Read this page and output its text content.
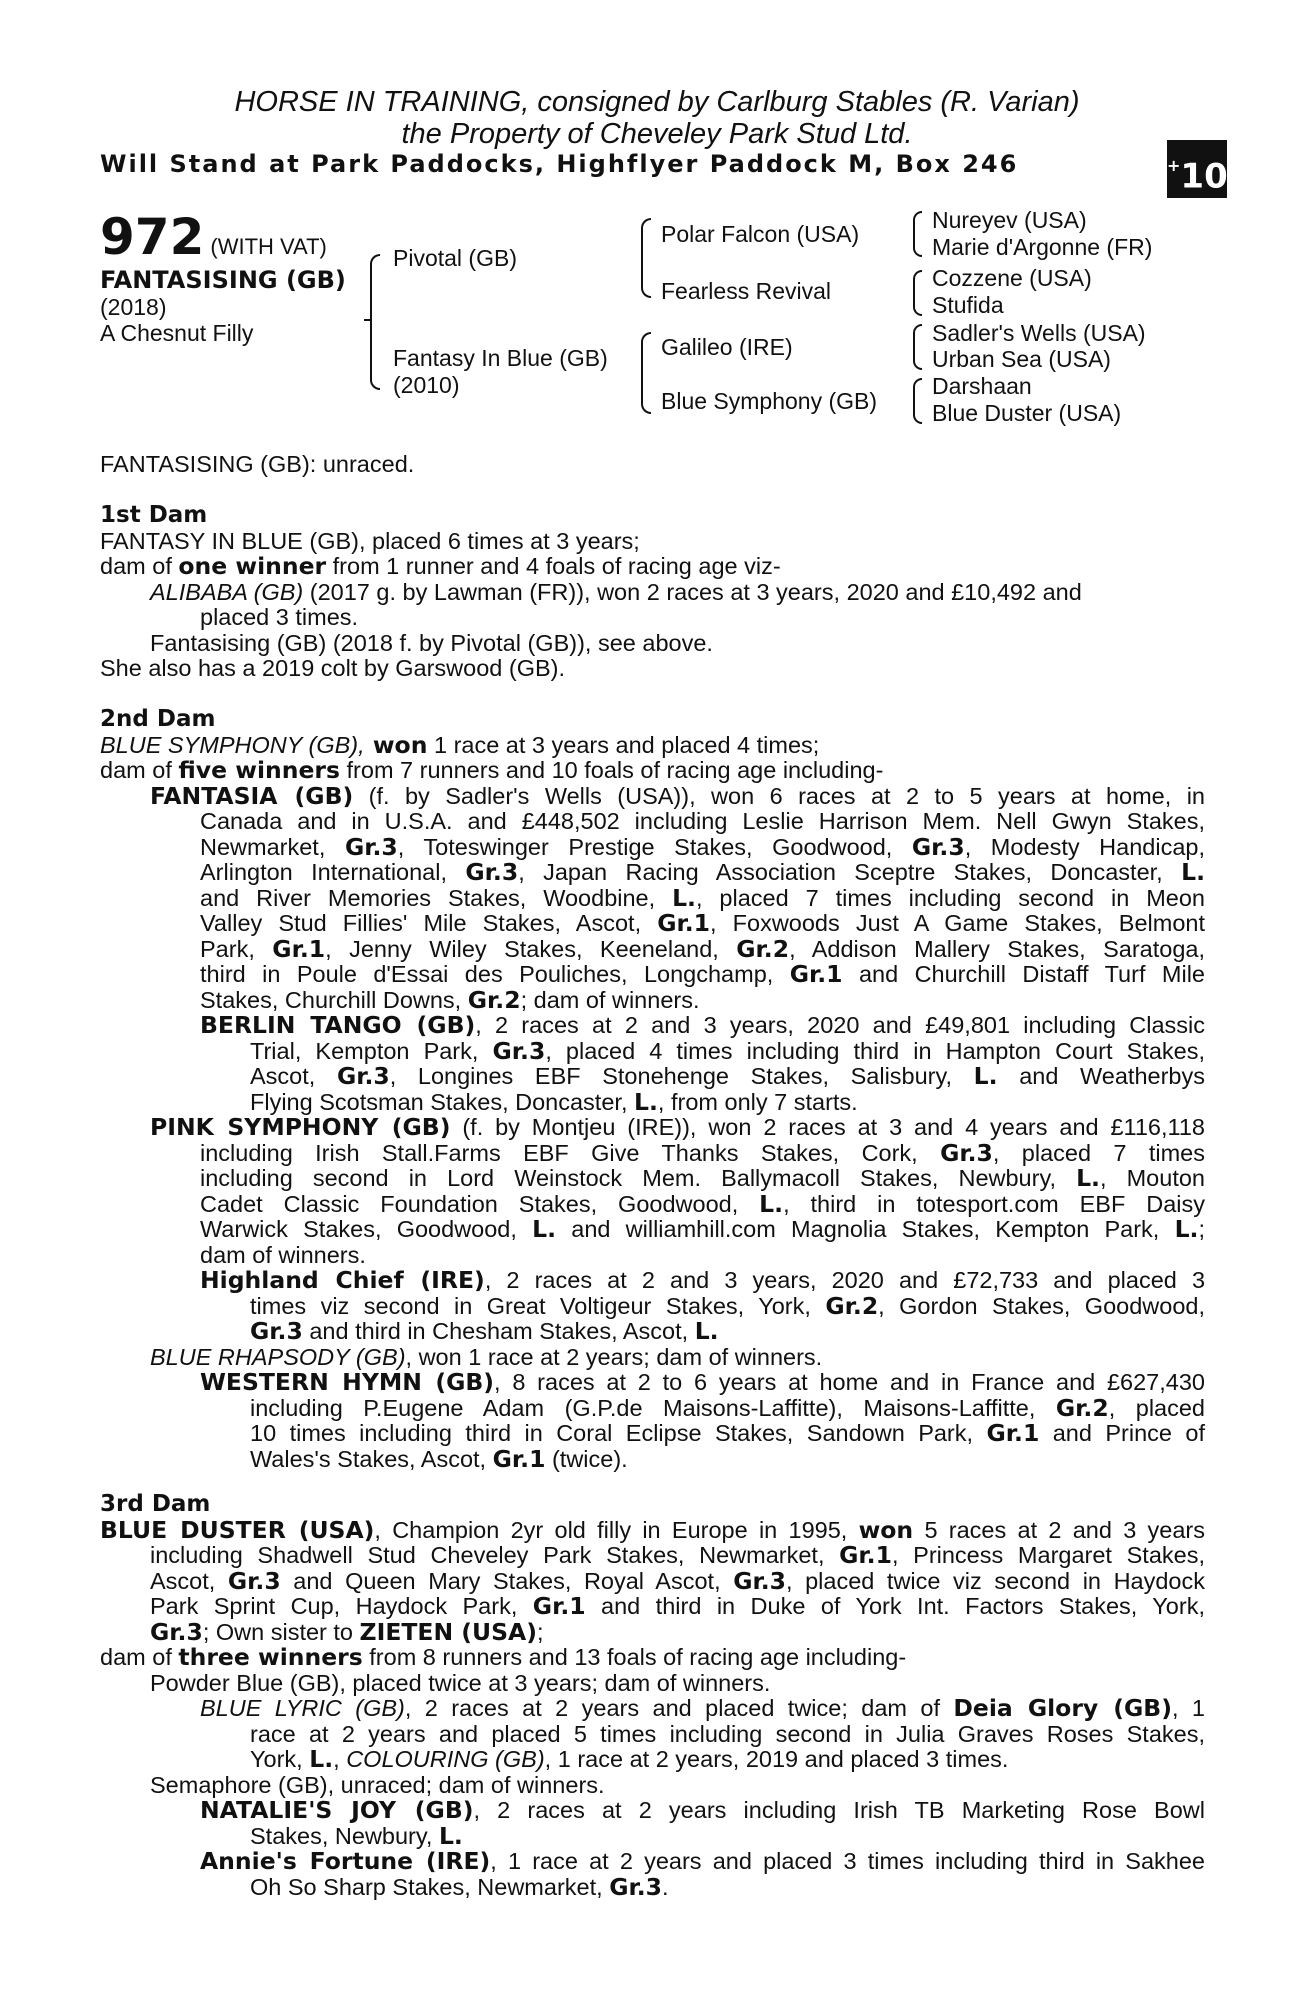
HORSE IN TRAINING, consigned by Carlburg Stables (R. Varian)
the Property of Cheveley Park Stud Ltd.
Will Stand at Park Paddocks, Highflyer Paddock M, Box 246	+10
972 (WITH VAT)
FANTASISING (GB)
(2018)
A Chesnut Filly
Pivotal (GB)
Fantasy In Blue (GB)
(2010)
Polar Falcon (USA)
Fearless Revival
Galileo (IRE)
Blue Symphony (GB)
Nureyev (USA)
Marie d'Argonne (FR)
Cozzene (USA)
Stufida
Sadler's Wells (USA)
Urban Sea (USA)
Darshaan
Blue Duster (USA)
FANTASISING (GB): unraced.
1st Dam
FANTASY IN BLUE (GB), placed 6 times at 3 years;
dam of one winner from 1 runner and 4 foals of racing age viz-
ALIBABA (GB) (2017 g. by Lawman (FR)), won 2 races at 3 years, 2020 and £10,492 and
placed 3 times.
Fantasising (GB) (2018 f. by Pivotal (GB)), see above.
She also has a 2019 colt by Garswood (GB).
2nd Dam
BLUE SYMPHONY (GB), won 1 race at 3 years and placed 4 times;
dam of five winners from 7 runners and 10 foals of racing age including-
FANTASIA (GB) (f. by Sadler's Wells (USA)), won 6 races at 2 to 5 years at home, in
Canada and in U.S.A. and £448,502 including Leslie Harrison Mem. Nell Gwyn Stakes,
Newmarket, Gr.3, Toteswinger Prestige Stakes, Goodwood, Gr.3, Modesty Handicap,
Arlington International, Gr.3, Japan Racing Association Sceptre Stakes, Doncaster, L.
and River Memories Stakes, Woodbine, L., placed 7 times including second in Meon
Valley Stud Fillies' Mile Stakes, Ascot, Gr.1, Foxwoods Just A Game Stakes, Belmont
Park, Gr.1, Jenny Wiley Stakes, Keeneland, Gr.2, Addison Mallery Stakes, Saratoga,
third in Poule d'Essai des Pouliches, Longchamp, Gr.1 and Churchill Distaff Turf Mile
Stakes, Churchill Downs, Gr.2; dam of winners.
BERLIN TANGO (GB), 2 races at 2 and 3 years, 2020 and £49,801 including Classic
Trial, Kempton Park, Gr.3, placed 4 times including third in Hampton Court Stakes,
Ascot, Gr.3, Longines EBF Stonehenge Stakes, Salisbury, L. and Weatherbys
Flying Scotsman Stakes, Doncaster, L., from only 7 starts.
PINK SYMPHONY (GB) (f. by Montjeu (IRE)), won 2 races at 3 and 4 years and £116,118
including Irish Stall.Farms EBF Give Thanks Stakes, Cork, Gr.3, placed 7 times
including second in Lord Weinstock Mem. Ballymacoll Stakes, Newbury, L., Mouton
Cadet Classic Foundation Stakes, Goodwood, L., third in totesport.com EBF Daisy
Warwick Stakes, Goodwood, L. and williamhill.com Magnolia Stakes, Kempton Park, L.;
dam of winners.
Highland Chief (IRE), 2 races at 2 and 3 years, 2020 and £72,733 and placed 3
times viz second in Great Voltigeur Stakes, York, Gr.2, Gordon Stakes, Goodwood,
Gr.3 and third in Chesham Stakes, Ascot, L.
BLUE RHAPSODY (GB), won 1 race at 2 years; dam of winners.
WESTERN HYMN (GB), 8 races at 2 to 6 years at home and in France and £627,430
including P.Eugene Adam (G.P.de Maisons-Laffitte), Maisons-Laffitte, Gr.2, placed
10 times including third in Coral Eclipse Stakes, Sandown Park, Gr.1 and Prince of
Wales's Stakes, Ascot, Gr.1 (twice).
3rd Dam
BLUE DUSTER (USA), Champion 2yr old filly in Europe in 1995, won 5 races at 2 and 3 years
including Shadwell Stud Cheveley Park Stakes, Newmarket, Gr.1, Princess Margaret Stakes,
Ascot, Gr.3 and Queen Mary Stakes, Royal Ascot, Gr.3, placed twice viz second in Haydock
Park Sprint Cup, Haydock Park, Gr.1 and third in Duke of York Int. Factors Stakes, York,
Gr.3; Own sister to ZIETEN (USA);
dam of three winners from 8 runners and 13 foals of racing age including-
Powder Blue (GB), placed twice at 3 years; dam of winners.
BLUE LYRIC (GB), 2 races at 2 years and placed twice; dam of Deia Glory (GB), 1
race at 2 years and placed 5 times including second in Julia Graves Roses Stakes,
York, L., COLOURING (GB), 1 race at 2 years, 2019 and placed 3 times.
Semaphore (GB), unraced; dam of winners.
NATALIE'S JOY (GB), 2 races at 2 years including Irish TB Marketing Rose Bowl
Stakes, Newbury, L.
Annie's Fortune (IRE), 1 race at 2 years and placed 3 times including third in Sakhee
Oh So Sharp Stakes, Newmarket, Gr.3.
